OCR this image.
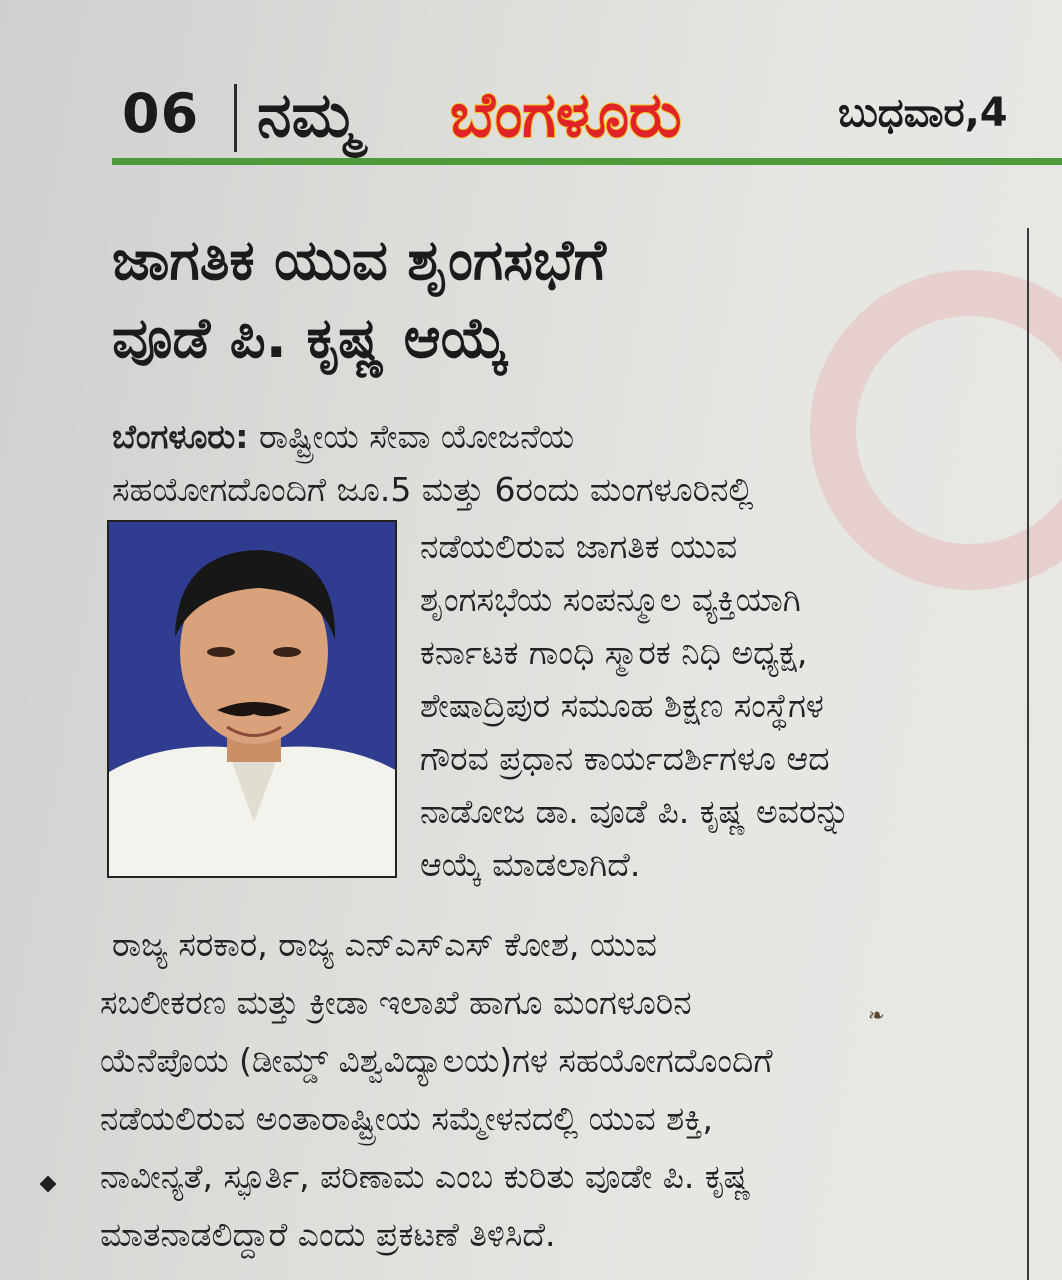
06 ನಮ್ಮ ಬೆಂಗಳೂರು	ಬುಧವಾರ,4
ಜಾಗತಿಕ ಯುವ ಶೃಂಗಸಭೆಗೆ
ವೂಡೆ ಪಿ. ಕೃಷ್ಣ ಆಯ್ಕೆ
ಬೆಂಗಳೂರು: ರಾಷ್ಟ್ರೀಯ ಸೇವಾ ಯೋಜನೆಯ
ಸಹಯೋಗದೊಂದಿಗೆ ಜೂ.5 ಮತ್ತು 6ರಂದು ಮಂಗಳೂರಿನಲ್ಲಿ
ನಡೆಯಲಿರುವ ಜಾಗತಿಕ ಯುವ
ಶೃಂಗಸಭೆಯ ಸಂಪನ್ಮೂಲ ವ್ಯಕ್ತಿಯಾಗಿ
ಕರ್ನಾಟಕ ಗಾಂಧಿ ಸ್ಮಾರಕ ನಿಧಿ ಅಧ್ಯಕ್ಷ,
ಶೇಷಾದ್ರಿಪುರ ಸಮೂಹ ಶಿಕ್ಷಣ ಸಂಸ್ಥೆಗಳ
ಗೌರವ ಪ್ರಧಾನ ಕಾರ್ಯದರ್ಶಿಗಳೂ ಆದ
ನಾಡೋಜ ಡಾ. ವೂಡೆ ಪಿ. ಕೃಷ್ಣ ಅವರನ್ನು
ಆಯ್ಕೆ ಮಾಡಲಾಗಿದೆ.
ರಾಜ್ಯ ಸರಕಾರ, ರಾಜ್ಯ ಎನ್‌ಎಸ್‌ಎಸ್ ಕೋಶ, ಯುವ
ಸಬಲೀಕರಣ ಮತ್ತು ಕ್ರೀಡಾ ಇಲಾಖೆ ಹಾಗೂ ಮಂಗಳೂರಿನ
ಯೆನೆಪೊಯ (ಡೀಮ್ಡ್ ವಿಶ್ವವಿದ್ಯಾಲಯ)ಗಳ ಸಹಯೋಗದೊಂದಿಗೆ
ನಡೆಯಲಿರುವ ಅಂತಾರಾಷ್ಟ್ರೀಯ ಸಮ್ಮೇಳನದಲ್ಲಿ ಯುವ ಶಕ್ತಿ,
ನಾವೀನ್ಯತೆ, ಸ್ಫೂರ್ತಿ, ಪರಿಣಾಮ ಎಂಬ ಕುರಿತು ವೂಡೇ ಪಿ. ಕೃಷ್ಣ
ಮಾತನಾಡಲಿದ್ದಾರೆ ಎಂದು ಪ್ರಕಟಣೆ ತಿಳಿಸಿದೆ.
❧
